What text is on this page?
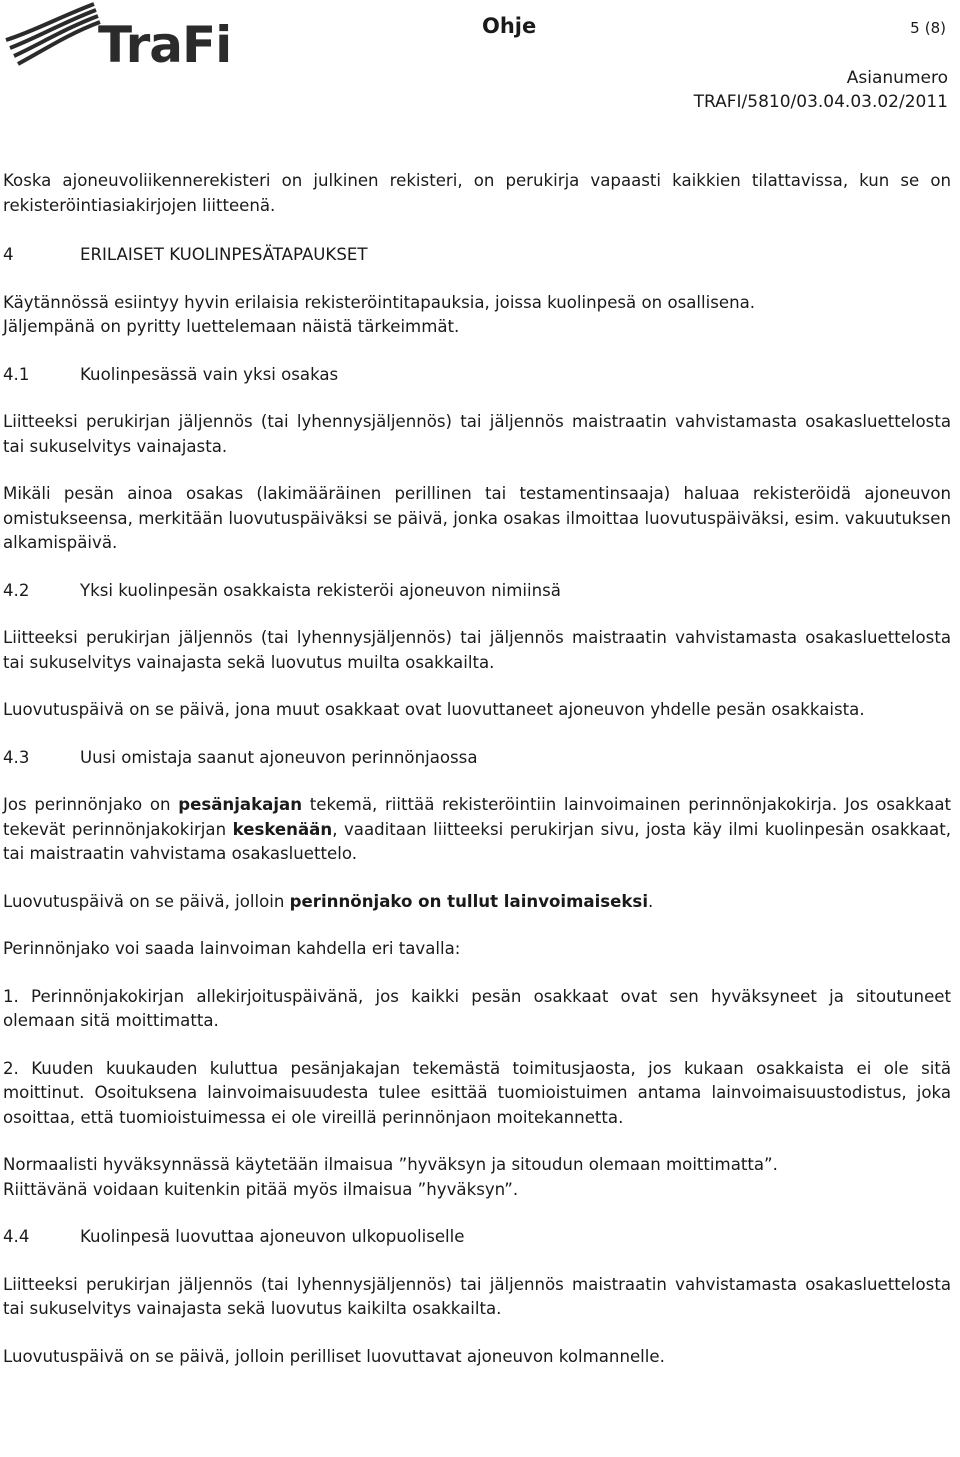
TraFi	Ohje	5 (8)
Asianumero
TRAFI/5810/03.04.03.02/2011

Koska ajoneuvoliikennerekisteri on julkinen rekisteri, on perukirja vapaasti kaikkien tilattavissa, kun se on rekisteröintiasiakirjojen liitteenä.

4	ERILAISET KUOLINPESÄTAPAUKSET

Käytännössä esiintyy hyvin erilaisia rekisteröintitapauksia, joissa kuolinpesä on osallisena.

Jäljempänä on pyritty luettelemaan näistä tärkeimmät.

4.1	Kuolinpesässä vain yksi osakas

Liitteeksi perukirjan jäljennös (tai lyhennysjäljennös) tai jäljennös maistraatin vahvistamasta osakasluettelosta tai sukuselvitys vainajasta.

Mikäli pesän ainoa osakas (lakimääräinen perillinen tai testamentinsaaja) haluaa rekisteröidä ajoneuvon omistukseensa, merkitään luovutuspäiväksi se päivä, jonka osakas ilmoittaa luovutuspäiväksi, esim. vakuutuksen alkamispäivä.

4.2	Yksi kuolinpesän osakkaista rekisteröi ajoneuvon nimiinsä

Liitteeksi perukirjan jäljennös (tai lyhennysjäljennös) tai jäljennös maistraatin vahvistamasta osakasluettelosta tai sukuselvitys vainajasta sekä luovutus muilta osakkailta.

Luovutuspäivä on se päivä, jona muut osakkaat ovat luovuttaneet ajoneuvon yhdelle pesän osakkaista.

4.3	Uusi omistaja saanut ajoneuvon perinnönjaossa

Jos perinnönjako on pesänjakajan tekemä, riittää rekisteröintiin lainvoimainen perinnönjakokirja. Jos osakkaat tekevät perinnönjakokirjan keskenään, vaaditaan liitteeksi perukirjan sivu, josta käy ilmi kuolinpesän osakkaat, tai maistraatin vahvistama osakasluettelo.

Luovutuspäivä on se päivä, jolloin perinnönjako on tullut lainvoimaiseksi.

Perinnönjako voi saada lainvoiman kahdella eri tavalla:

1. Perinnönjakokirjan allekirjoituspäivänä, jos kaikki pesän osakkaat ovat sen hyväksyneet ja sitoutuneet olemaan sitä moittimatta.

2. Kuuden kuukauden kuluttua pesänjakajan tekemästä toimitusjaosta, jos kukaan osakkaista ei ole sitä moittinut. Osoituksena lainvoimaisuudesta tulee esittää tuomioistuimen antama lainvoimaisuustodistus, joka osoittaa, että tuomioistuimessa ei ole vireillä perinnönjaon moitekannetta.

Normaalisti hyväksynnässä käytetään ilmaisua ”hyväksyn ja sitoudun olemaan moittimatta”.

Riittävänä voidaan kuitenkin pitää myös ilmaisua ”hyväksyn”.

4.4	Kuolinpesä luovuttaa ajoneuvon ulkopuoliselle

Liitteeksi perukirjan jäljennös (tai lyhennysjäljennös) tai jäljennös maistraatin vahvistamasta osakasluettelosta tai sukuselvitys vainajasta sekä luovutus kaikilta osakkailta.

Luovutuspäivä on se päivä, jolloin perilliset luovuttavat ajoneuvon kolmannelle.
